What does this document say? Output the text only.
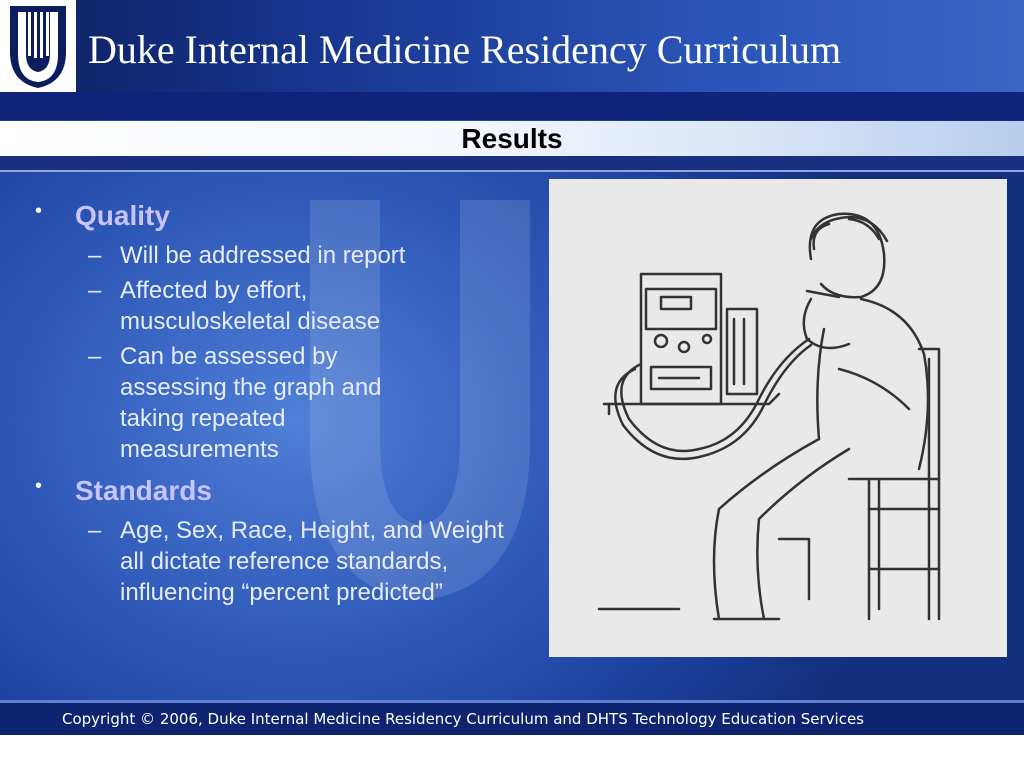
Duke Internal Medicine Residency Curriculum
Results
• Quality
– Will be addressed in report
– Affected by effort, musculoskeletal disease
– Can be assessed by assessing the graph and taking repeated measurements
• Standards
– Age, Sex, Race, Height, and Weight all dictate reference standards, influencing “percent predicted”
Copyright © 2006, Duke Internal Medicine Residency Curriculum and DHTS Technology Education Services
